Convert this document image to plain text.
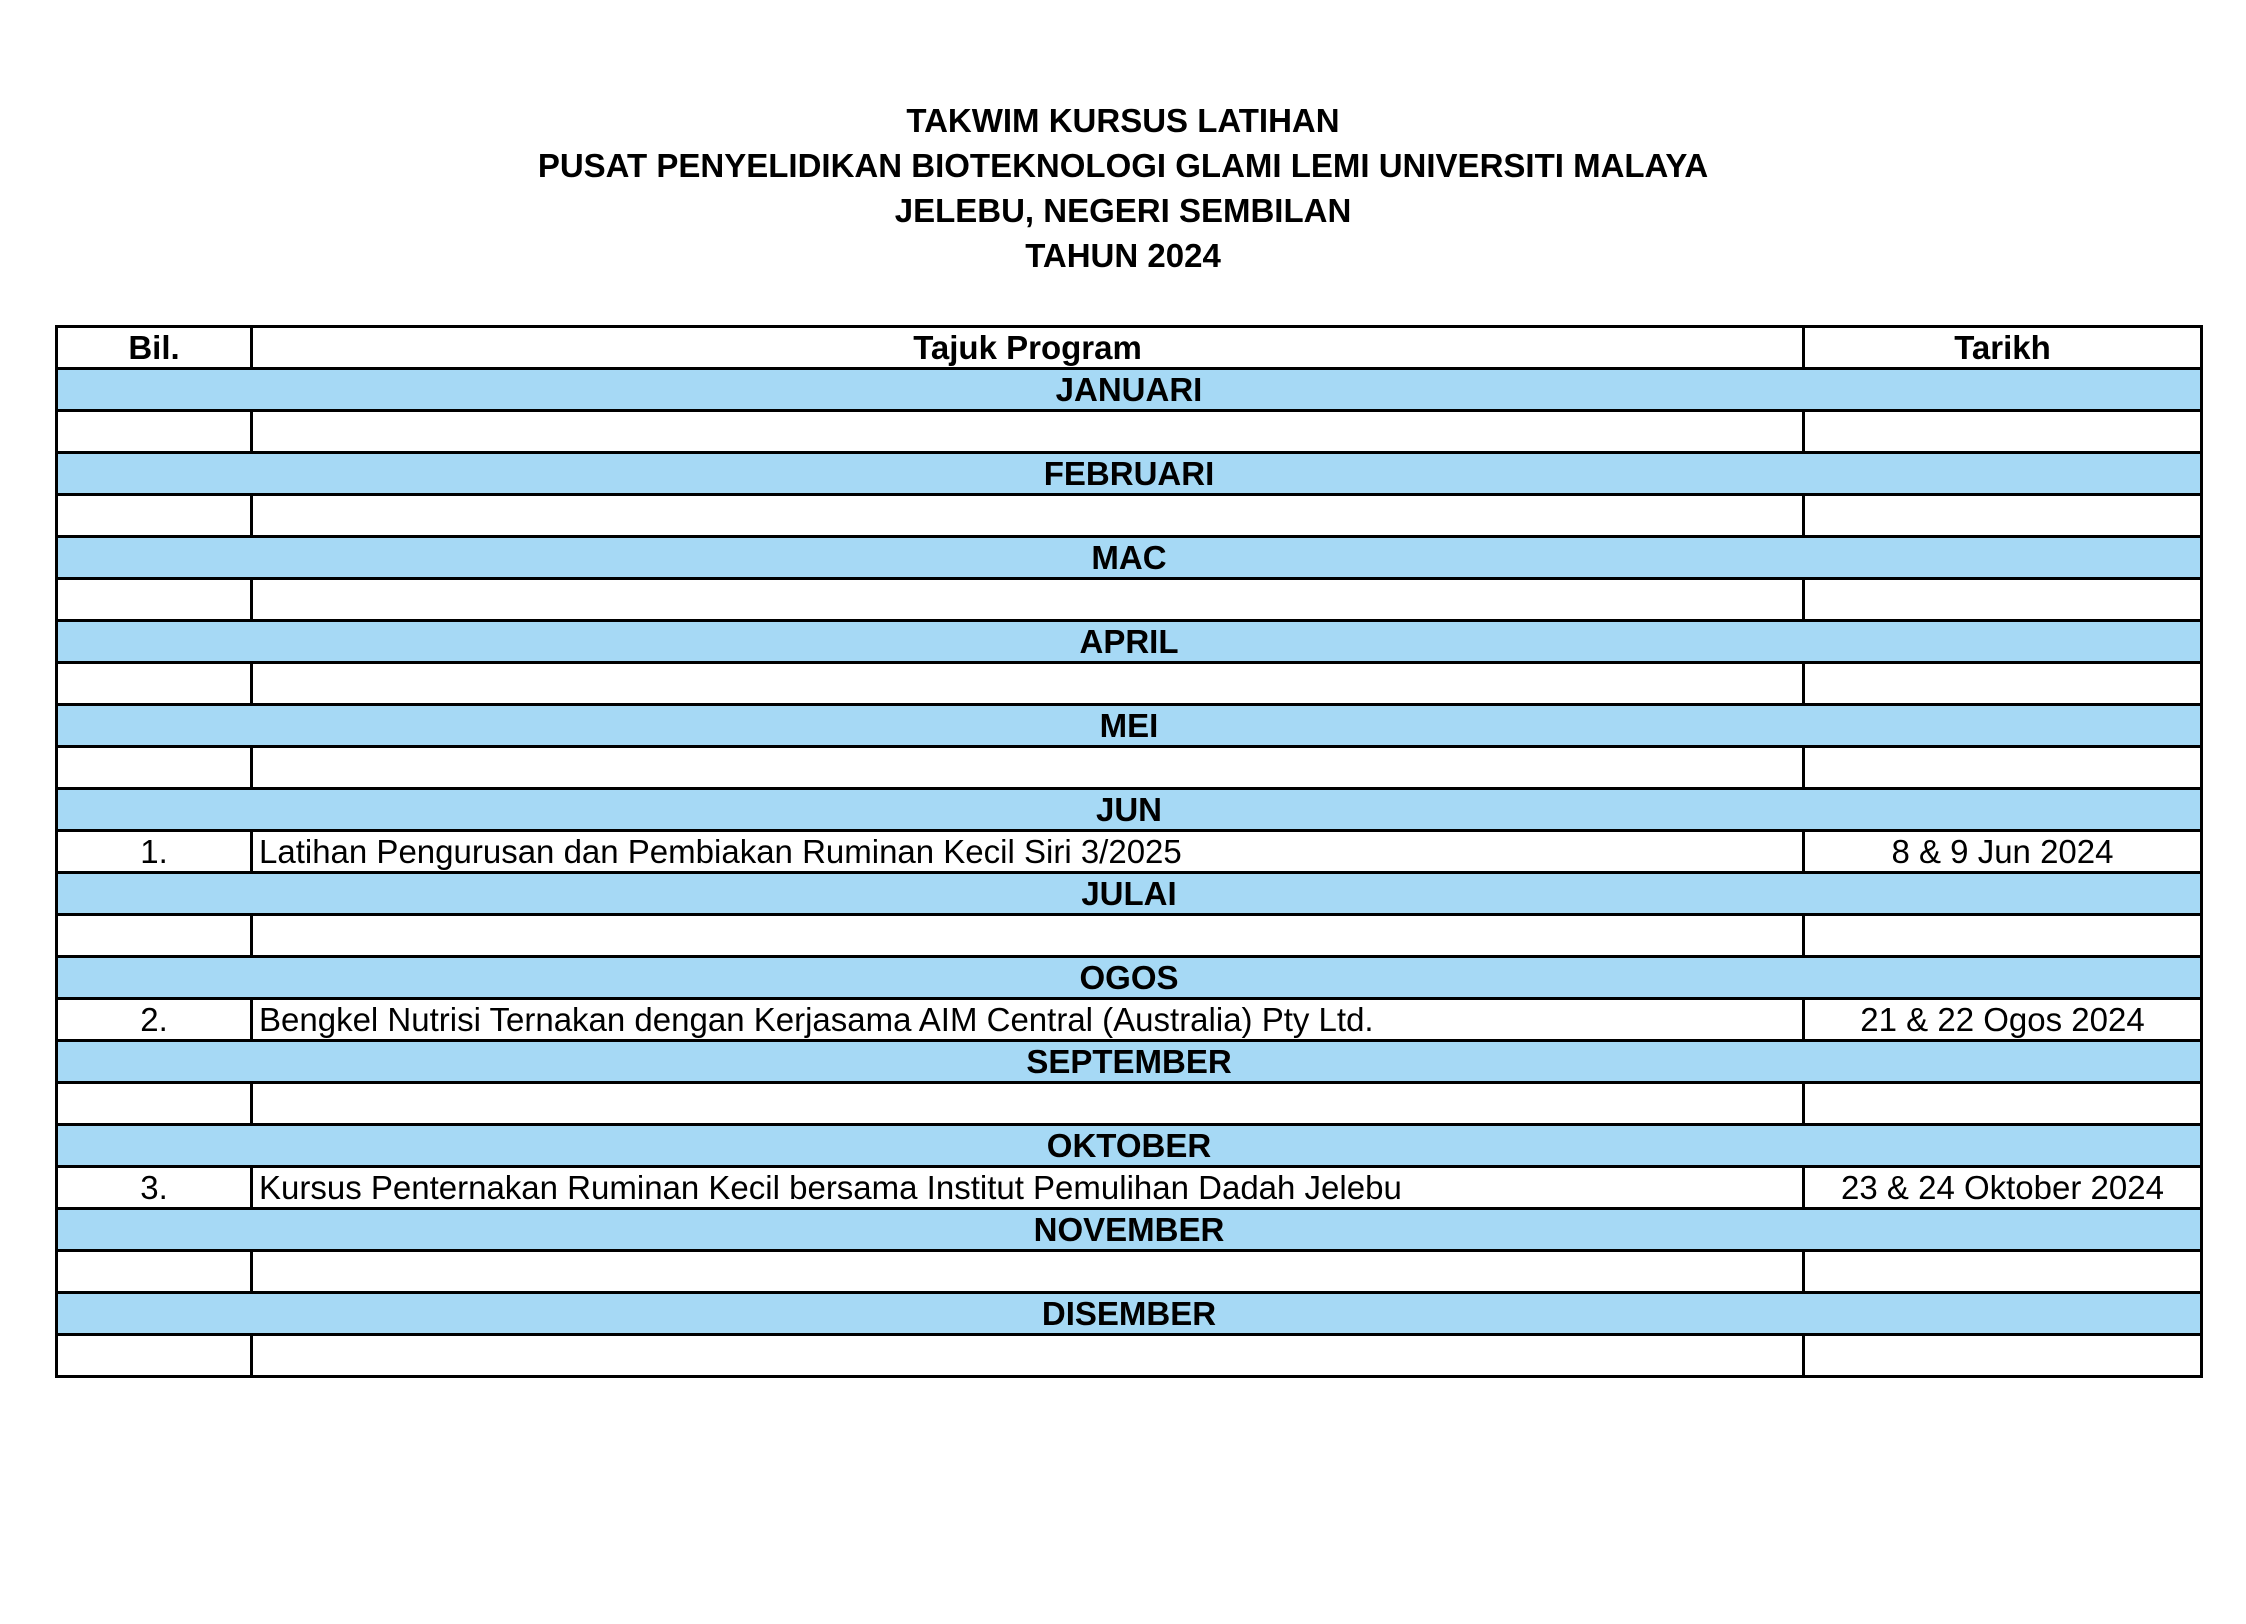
TAKWIM KURSUS LATIHAN
PUSAT PENYELIDIKAN BIOTEKNOLOGI GLAMI LEMI UNIVERSITI MALAYA
JELEBU, NEGERI SEMBILAN
TAHUN 2024
Bil.	Tajuk Program	Tarikh
JANUARI		

FEBRUARI		

MAC		

APRIL		

MEI		

JUN		
1.	Latihan Pengurusan dan Pembiakan Ruminan Kecil Siri 3/2025	8 & 9 Jun 2024
JULAI		

OGOS		
2.	Bengkel Nutrisi Ternakan dengan Kerjasama AIM Central (Australia) Pty Ltd.	21 & 22 Ogos 2024
SEPTEMBER		

OKTOBER		
3.	Kursus Penternakan Ruminan Kecil bersama Institut Pemulihan Dadah Jelebu	23 & 24 Oktober 2024
NOVEMBER		

DISEMBER		
